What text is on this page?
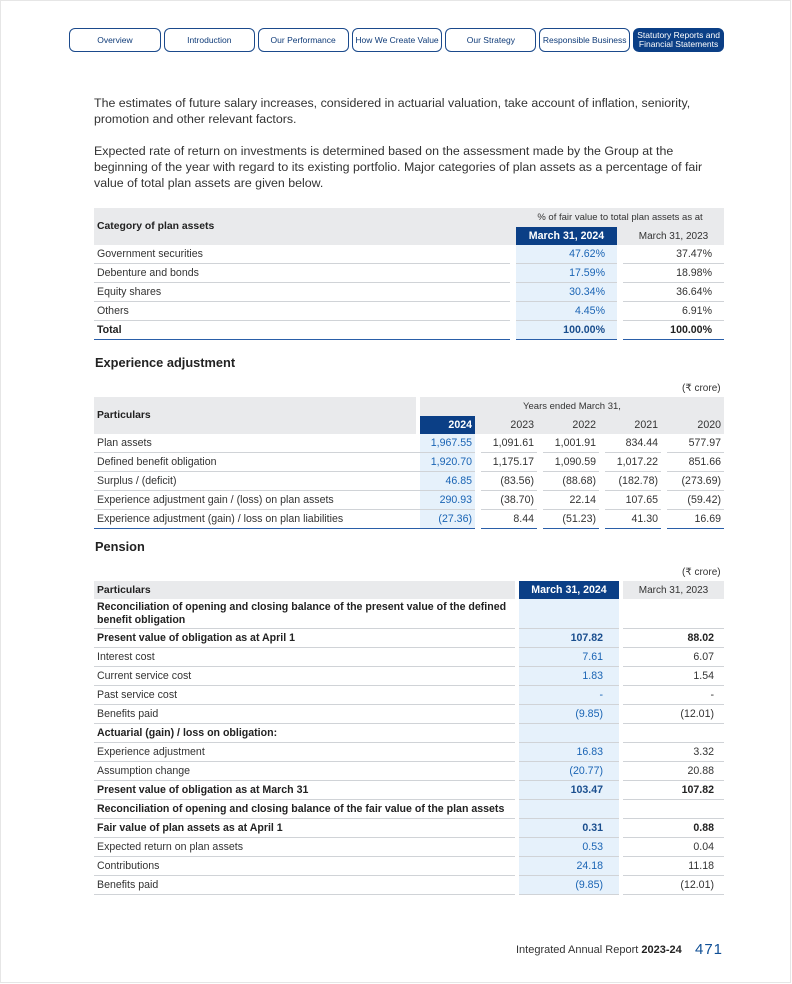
Overview	Introduction	Our Performance	How We Create Value	Our Strategy	Responsible Business	Statutory Reports and Financial Statements
The estimates of future salary increases, considered in actuarial valuation, take account of inflation, seniority, promotion and other relevant factors.
Expected rate of return on investments is determined based on the assessment made by the Group at the beginning of the year with regard to its existing portfolio. Major categories of plan assets as a percentage of fair value of total plan assets are given below.
Category of plan assets		% of fair value to total plan assets as at		
		March 31, 2024		March 31, 2023
Government securities		47.62%		37.47%
Debenture and bonds		17.59%		18.98%
Equity shares		30.34%		36.64%
Others		4.45%		6.91%
Total		100.00%		100.00%
Experience adjustment
(₹ crore)
Particulars	Years ended March 31,								
	2024		2023		2022		2021		2020
Plan assets	1,967.55		1,091.61		1,001.91		834.44		577.97
Defined benefit obligation	1,920.70		1,175.17		1,090.59		1,017.22		851.66
Surplus / (deficit)	46.85		(83.56)		(88.68)		(182.78)		(273.69)
Experience adjustment gain / (loss) on plan assets	290.93		(38.70)		22.14		107.65		(59.42)
Experience adjustment (gain) / loss on plan liabilities	(27.36)		8.44		(51.23)		41.30		16.69
Pension
(₹ crore)
Particulars		March 31, 2024		March 31, 2023
Reconciliation of opening and closing balance of the present value of the defined benefit obligation				
Present value of obligation as at April 1		107.82		88.02
Interest cost		7.61		6.07
Current service cost		1.83		1.54
Past service cost		-		-
Benefits paid		(9.85)		(12.01)
Actuarial (gain) / loss on obligation:				
Experience adjustment		16.83		3.32
Assumption change		(20.77)		20.88
Present value of obligation as at March 31		103.47		107.82
Reconciliation of opening and closing balance of the fair value of the plan assets				
Fair value of plan assets as at April 1		0.31		0.88
Expected return on plan assets		0.53		0.04
Contributions		24.18		11.18
Benefits paid		(9.85)		(12.01)
Integrated Annual Report 2023-24 471
